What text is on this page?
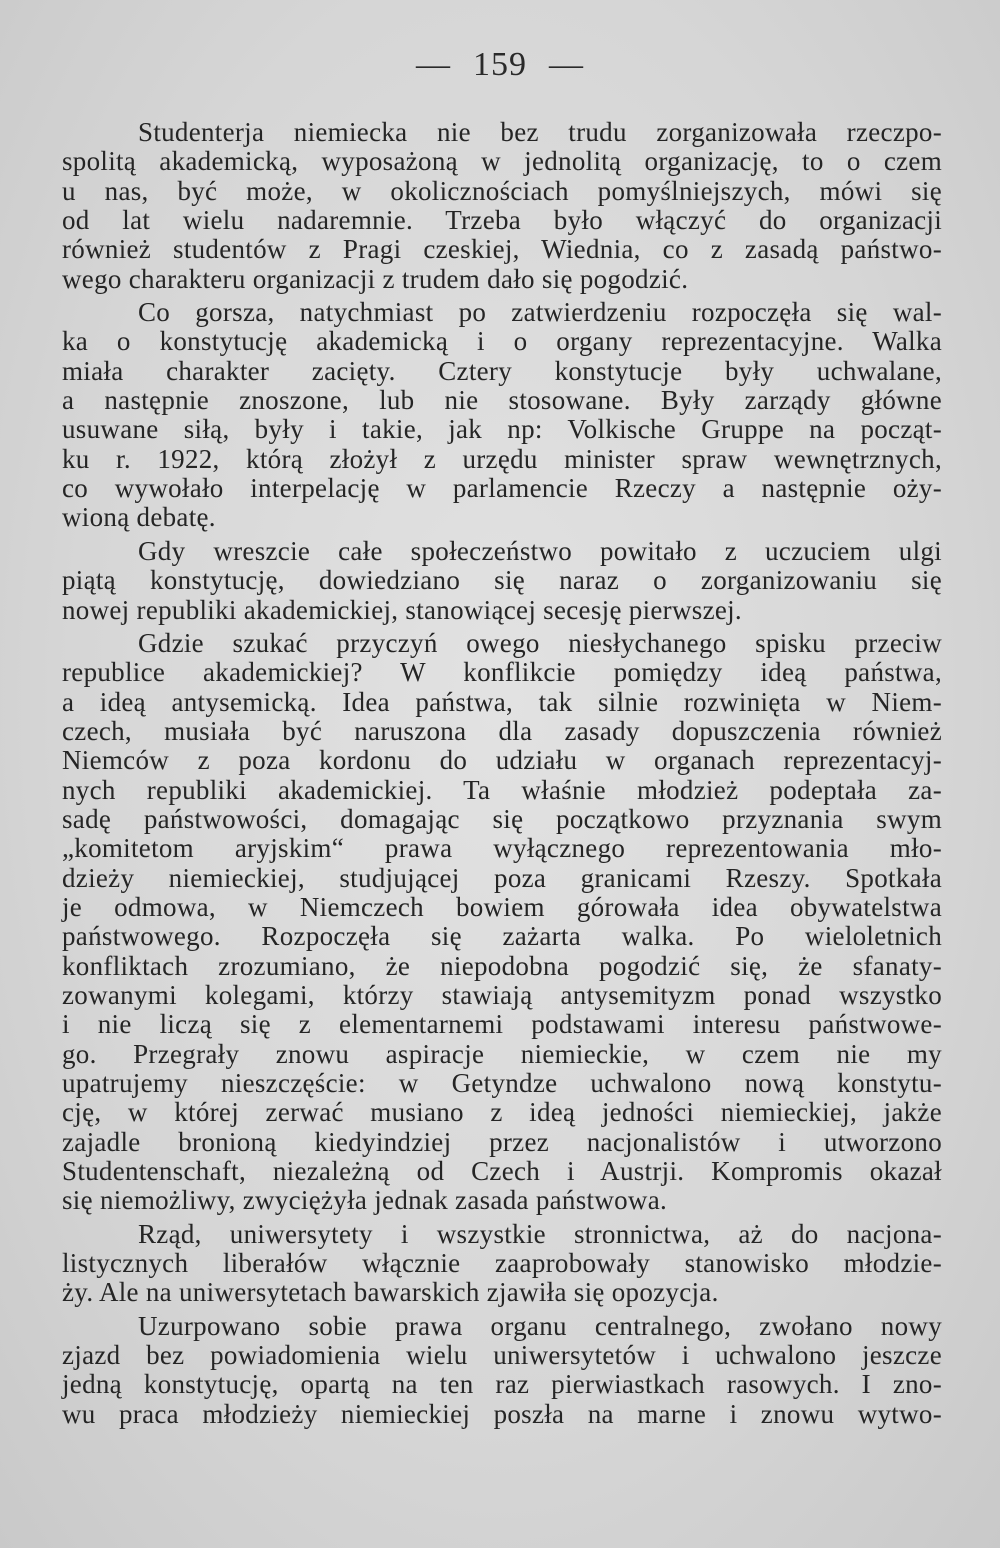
— 159 —
Studenterja niemiecka nie bez trudu zorganizowała rzeczpo-
spolitą akademicką, wyposażoną w jednolitą organizację, to o czem
u nas, być może, w okolicznościach pomyślniejszych, mówi się
od lat wielu nadaremnie. Trzeba było włączyć do organizacji
również studentów z Pragi czeskiej, Wiednia, co z zasadą państwo-
wego charakteru organizacji z trudem dało się pogodzić.
Co gorsza, natychmiast po zatwierdzeniu rozpoczęła się wal-
ka o konstytucję akademicką i o organy reprezentacyjne. Walka
miała charakter zacięty. Cztery konstytucje były uchwalane,
a następnie znoszone, lub nie stosowane. Były zarządy główne
usuwane siłą, były i takie, jak np: Volkische Gruppe na począt-
ku r. 1922, którą złożył z urzędu minister spraw wewnętrznych,
co wywołało interpelację w parlamencie Rzeczy a następnie oży-
wioną debatę.
Gdy wreszcie całe społeczeństwo powitało z uczuciem ulgi
piątą konstytucję, dowiedziano się naraz o zorganizowaniu się
nowej republiki akademickiej, stanowiącej secesję pierwszej.
Gdzie szukać przyczyń owego niesłychanego spisku przeciw
republice akademickiej? W konflikcie pomiędzy ideą państwa,
a ideą antysemicką. Idea państwa, tak silnie rozwinięta w Niem-
czech, musiała być naruszona dla zasady dopuszczenia również
Niemców z poza kordonu do udziału w organach reprezentacyj-
nych republiki akademickiej. Ta właśnie młodzież podeptała za-
sadę państwowości, domagając się początkowo przyznania swym
„komitetom aryjskim“ prawa wyłącznego reprezentowania mło-
dzieży niemieckiej, studjującej poza granicami Rzeszy. Spotkała
je odmowa, w Niemczech bowiem górowała idea obywatelstwa
państwowego. Rozpoczęła się zażarta walka. Po wieloletnich
konfliktach zrozumiano, że niepodobna pogodzić się, że sfanaty-
zowanymi kolegami, którzy stawiają antysemityzm ponad wszystko
i nie liczą się z elementarnemi podstawami interesu państwowe-
go. Przegrały znowu aspiracje niemieckie, w czem nie my
upatrujemy nieszczęście: w Getyndze uchwalono nową konstytu-
cję, w której zerwać musiano z ideą jedności niemieckiej, jakże
zajadle bronioną kiedyindziej przez nacjonalistów i utworzono
Studentenschaft, niezależną od Czech i Austrji. Kompromis okazał
się niemożliwy, zwyciężyła jednak zasada państwowa.
Rząd, uniwersytety i wszystkie stronnictwa, aż do nacjona-
listycznych liberałów włącznie zaaprobowały stanowisko młodzie-
ży. Ale na uniwersytetach bawarskich zjawiła się opozycja.
Uzurpowano sobie prawa organu centralnego, zwołano nowy
zjazd bez powiadomienia wielu uniwersytetów i uchwalono jeszcze
jedną konstytucję, opartą na ten raz pierwiastkach rasowych. I zno-
wu praca młodzieży niemieckiej poszła na marne i znowu wytwo-
